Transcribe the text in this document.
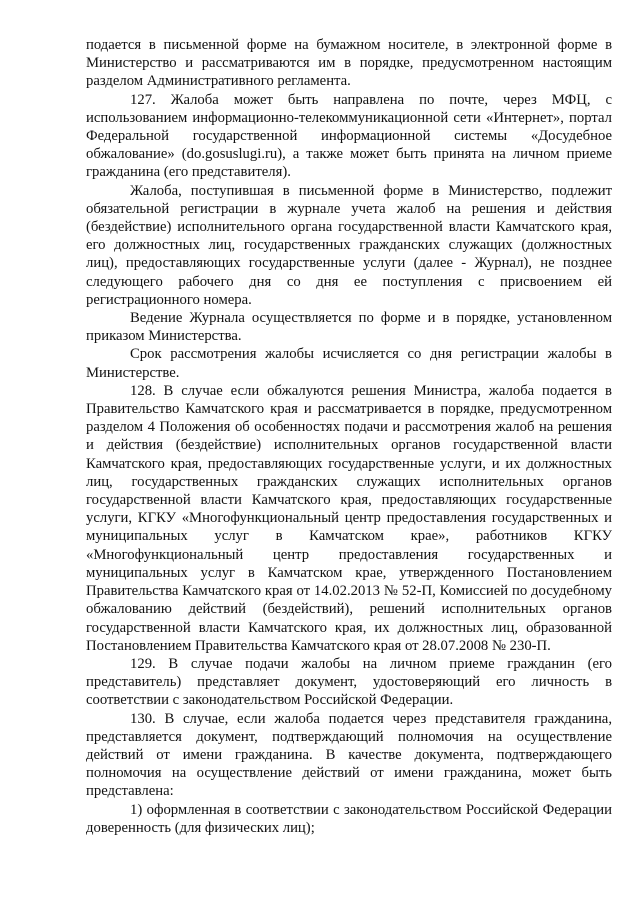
подается в письменной форме на бумажном носителе, в электронной форме в Министерство и рассматриваются им в порядке, предусмотренном настоящим разделом Административного регламента.

127. Жалоба может быть направлена по почте, через МФЦ, с использованием информационно-телекоммуникационной сети «Интернет», портал Федеральной государственной информационной системы «Досудебное обжалование» (do.gosuslugi.ru), а также может быть принята на личном приеме гражданина (его представителя).

Жалоба, поступившая в письменной форме в Министерство, подлежит обязательной регистрации в журнале учета жалоб на решения и действия (бездействие) исполнительного органа государственной власти Камчатского края, его должностных лиц, государственных гражданских служащих (должностных лиц), предоставляющих государственные услуги (далее - Журнал), не позднее следующего рабочего дня со дня ее поступления с присвоением ей регистрационного номера.

Ведение Журнала осуществляется по форме и в порядке, установленном приказом Министерства.

Срок рассмотрения жалобы исчисляется со дня регистрации жалобы в Министерстве.

128. В случае если обжалуются решения Министра, жалоба подается в Правительство Камчатского края и рассматривается в порядке, предусмотренном разделом 4 Положения об особенностях подачи и рассмотрения жалоб на решения и действия (бездействие) исполнительных органов государственной власти Камчатского края, предоставляющих государственные услуги, и их должностных лиц, государственных гражданских служащих исполнительных органов государственной власти Камчатского края, предоставляющих государственные услуги, КГКУ «Многофункциональный центр предоставления государственных и муниципальных услуг в Камчатском крае», работников КГКУ «Многофункциональный центр предоставления государственных и муниципальных услуг в Камчатском крае, утвержденного Постановлением Правительства Камчатского края от 14.02.2013 № 52-П, Комиссией по досудебному обжалованию действий (бездействий), решений исполнительных органов государственной власти Камчатского края, их должностных лиц, образованной Постановлением Правительства Камчатского края от 28.07.2008 № 230-П.

129. В случае подачи жалобы на личном приеме гражданин (его представитель) представляет документ, удостоверяющий его личность в соответствии с законодательством Российской Федерации.

130. В случае, если жалоба подается через представителя гражданина, представляется документ, подтверждающий полномочия на осуществление действий от имени гражданина. В качестве документа, подтверждающего полномочия на осуществление действий от имени гражданина, может быть представлена:

1) оформленная в соответствии с законодательством Российской Федерации доверенность (для физических лиц);
